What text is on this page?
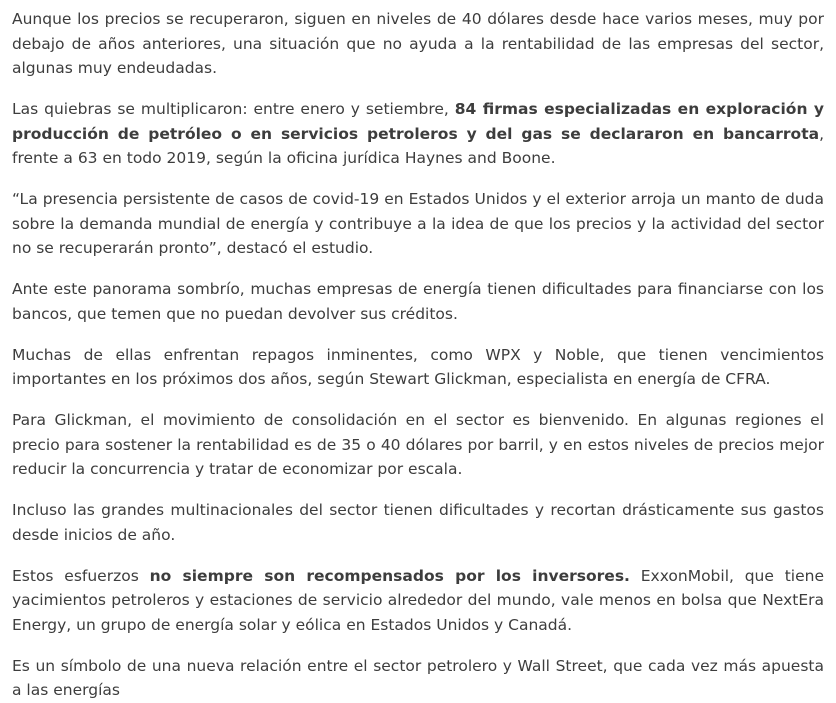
Aunque los precios se recuperaron, siguen en niveles de 40 dólares desde hace varios meses, muy por debajo de años anteriores, una situación que no ayuda a la rentabilidad de las empresas del sector, algunas muy endeudadas.

Las quiebras se multiplicaron: entre enero y setiembre, 84 firmas especializadas en exploración y producción de petróleo o en servicios petroleros y del gas se declararon en bancarrota, frente a 63 en todo 2019, según la oficina jurídica Haynes and Boone.

“La presencia persistente de casos de covid-19 en Estados Unidos y el exterior arroja un manto de duda sobre la demanda mundial de energía y contribuye a la idea de que los precios y la actividad del sector no se recuperarán pronto”, destacó el estudio.

Ante este panorama sombrío, muchas empresas de energía tienen dificultades para financiarse con los bancos, que temen que no puedan devolver sus créditos.

Muchas de ellas enfrentan repagos inminentes, como WPX y Noble, que tienen vencimientos importantes en los próximos dos años, según Stewart Glickman, especialista en energía de CFRA.

Para Glickman, el movimiento de consolidación en el sector es bienvenido. En algunas regiones el precio para sostener la rentabilidad es de 35 o 40 dólares por barril, y en estos niveles de precios mejor reducir la concurrencia y tratar de economizar por escala.

Incluso las grandes multinacionales del sector tienen dificultades y recortan drásticamente sus gastos desde inicios de año.

Estos esfuerzos no siempre son recompensados por los inversores. ExxonMobil, que tiene yacimientos petroleros y estaciones de servicio alrededor del mundo, vale menos en bolsa que NextEra Energy, un grupo de energía solar y eólica en Estados Unidos y Canadá.

Es un símbolo de una nueva relación entre el sector petrolero y Wall Street, que cada vez más apuesta a las energías
